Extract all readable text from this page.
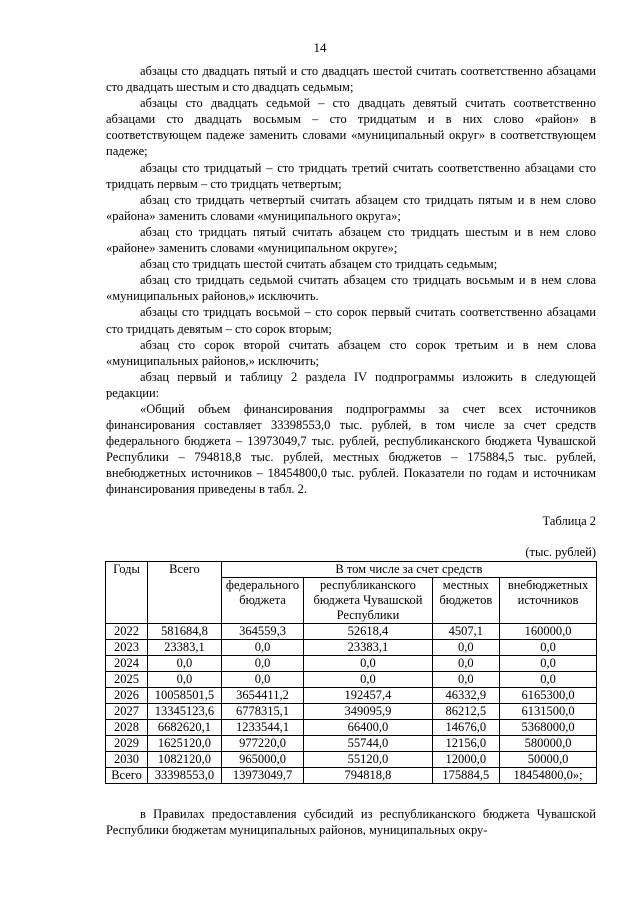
14

абзацы сто двадцать пятый и сто двадцать шестой считать соответственно абзацами сто двадцать шестым и сто двадцать седьмым;

абзацы сто двадцать седьмой – сто двадцать девятый считать соответственно абзацами сто двадцать восьмым – сто тридцатым и в них слово «район» в соответствующем падеже заменить словами «муниципальный округ» в соответствующем падеже;

абзацы сто тридцатый – сто тридцать третий считать соответственно абзацами сто тридцать первым – сто тридцать четвертым;

абзац сто тридцать четвертый считать абзацем сто тридцать пятым и в нем слово «района» заменить словами «муниципального округа»;

абзац сто тридцать пятый считать абзацем сто тридцать шестым и в нем слово «районе» заменить словами «муниципальном округе»;

абзац сто тридцать шестой считать абзацем сто тридцать седьмым;

абзац сто тридцать седьмой считать абзацем сто тридцать восьмым и в нем слова «муниципальных районов,» исключить.

абзацы сто тридцать восьмой – сто сорок первый считать соответственно абзацами сто тридцать девятым – сто сорок вторым;

абзац сто сорок второй считать абзацем сто сорок третьим и в нем слова «муниципальных районов,» исключить;

абзац первый и таблицу 2 раздела IV подпрограммы изложить в следующей редакции:

«Общий объем финансирования подпрограммы за счет всех источников финансирования составляет 33398553,0 тыс. рублей, в том числе за счет средств федерального бюджета – 13973049,7 тыс. рублей, республиканского бюджета Чувашской Республики – 794818,8 тыс. рублей, местных бюджетов – 175884,5 тыс. рублей, внебюджетных источников – 18454800,0 тыс. рублей. Показатели по годам и источникам финансирования приведены в табл. 2.

Таблица 2
(тыс. рублей)
Годы	Всего	В том числе за счет средств			
		федерального бюджета	республиканского бюджета Чувашской Республики	местных бюджетов	внебюджетных источников
2022	581684,8	364559,3	52618,4	4507,1	160000,0
2023	23383,1	0,0	23383,1	0,0	0,0
2024	0,0	0,0	0,0	0,0	0,0
2025	0,0	0,0	0,0	0,0	0,0
2026	10058501,5	3654411,2	192457,4	46332,9	6165300,0
2027	13345123,6	6778315,1	349095,9	86212,5	6131500,0
2028	6682620,1	1233544,1	66400,0	14676,0	5368000,0
2029	1625120,0	977220,0	55744,0	12156,0	580000,0
2030	1082120,0	965000,0	55120,0	12000,0	50000,0
Всего	33398553,0	13973049,7	794818,8	175884,5	18454800,0»;

в Правилах предоставления субсидий из республиканского бюджета Чувашской Республики бюджетам муниципальных районов, муниципальных окру-
